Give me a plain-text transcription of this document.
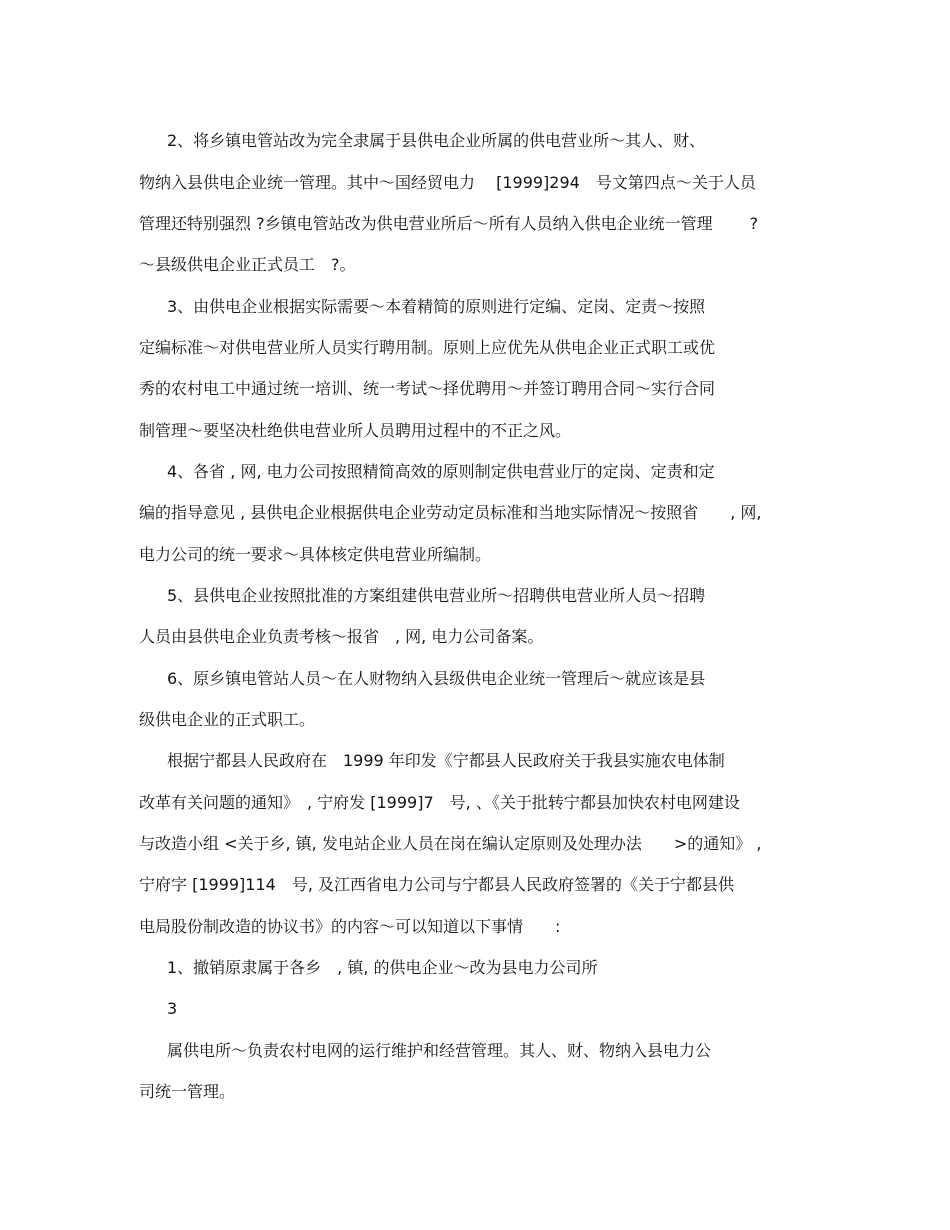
2、将乡镇电管站改为完全隶属于县供电企业所属的供电营业所～其人、财、
物纳入县供电企业统一管理。其中～国经贸电力　 [1999]294　号文第四点～关于人员
管理还特别强烈 ?乡镇电管站改为供电营业所后～所有人员纳入供电企业统一管理　　 ?
～县级供电企业正式员工　?。
3、由供电企业根据实际需要～本着精简的原则进行定编、定岗、定责～按照
定编标准～对供电营业所人员实行聘用制。原则上应优先从供电企业正式职工或优
秀的农村电工中通过统一培训、统一考试～择优聘用～并签订聘用合同～实行合同
制管理～要坚决杜绝供电营业所人员聘用过程中的不正之风。
4、各省 , 网, 电力公司按照精简高效的原则制定供电营业厅的定岗、定责和定
编的指导意见 , 县供电企业根据供电企业劳动定员标准和当地实际情况～按照省　　, 网,
电力公司的统一要求～具体核定供电营业所编制。
5、县供电企业按照批准的方案组建供电营业所～招聘供电营业所人员～招聘
人员由县供电企业负责考核～报省　, 网, 电力公司备案。
6、原乡镇电管站人员～在人财物纳入县级供电企业统一管理后～就应该是县
级供电企业的正式职工。
根据宁都县人民政府在　1999 年印发《宁都县人民政府关于我县实施农电体制
改革有关问题的通知》　, 宁府发 [1999]7　号, 、《关于批转宁都县加快农村电网建设
与改造小组 <关于乡, 镇, 发电站企业人员在岗在编认定原则及处理办法　　>的通知》 ,
宁府字 [1999]114　号, 及江西省电力公司与宁都县人民政府签署的《关于宁都县供
电局股份制改造的协议书》的内容～可以知道以下事情　　:
1、撤销原隶属于各乡　, 镇, 的供电企业～改为县电力公司所
3
属供电所～负责农村电网的运行维护和经营管理。其人、财、物纳入县电力公
司统一管理。
